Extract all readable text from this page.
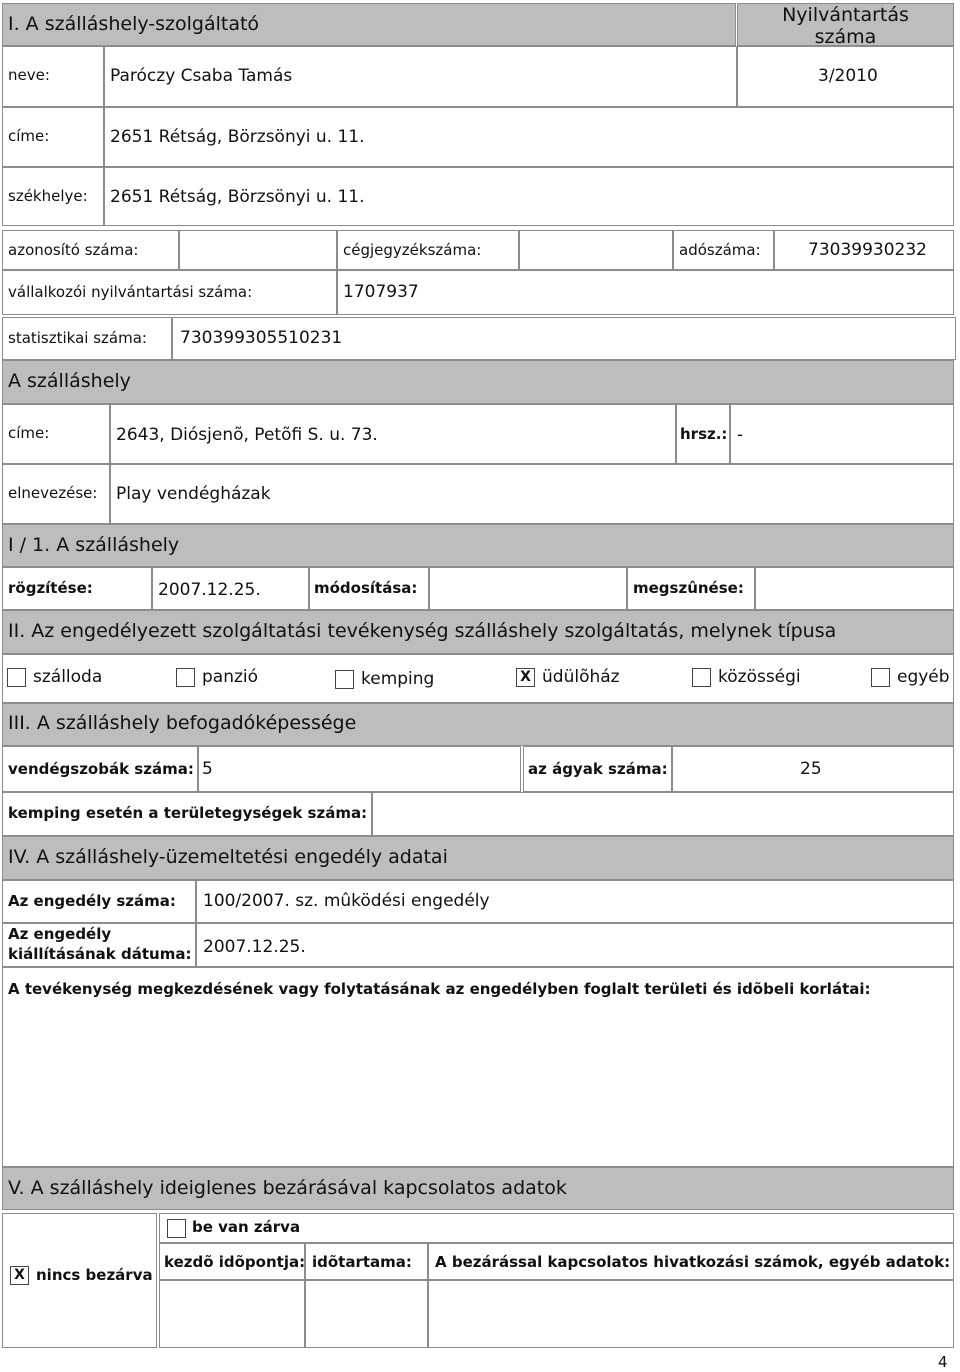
I. A szálláshely-szolgáltató	Nyilvántartás
száma
neve:	Paróczy Csaba Tamás	3/2010
címe:	2651 Rétság, Börzsönyi u. 11.
székhelye: 2651 Rétság, Börzsönyi u. 11.
azonosító száma:	cégjegyzékszáma:	adószáma:	73039930232
vállalkozói nyilvántartási száma:	1707937
statisztikai száma: 730399305510231
A szálláshely
címe:	2643, Diósjenõ, Petõfi S. u. 73.	hrsz.: -
elnevezése: Play vendégházak
I / 1. A szálláshely
rögzítése:	2007.12.25.	módosítása:	megszûnése:
II. Az engedélyezett szolgáltatási tevékenység szálláshely szolgáltatás, melynek típusa
szálloda	panzió	kemping	X üdülõház	közösségi	egyéb
III. A szálláshely befogadóképessége
vendégszobák száma: 5	az ágyak száma:	25
kemping esetén a területegységek száma:
IV. A szálláshely-üzemeltetési engedély adatai
Az engedély száma: 100/2007. sz. mûködési engedély
Az engedély
kiállításának dátuma: 2007.12.25.
A tevékenység megkezdésének vagy folytatásának az engedélyben foglalt területi és idõbeli korlátai:
V. A szálláshely ideiglenes bezárásával kapcsolatos adatok
X nincs bezárva
be van zárva
kezdõ idõpontja: idõtartama: A bezárással kapcsolatos hivatkozási számok, egyéb adatok:
4
